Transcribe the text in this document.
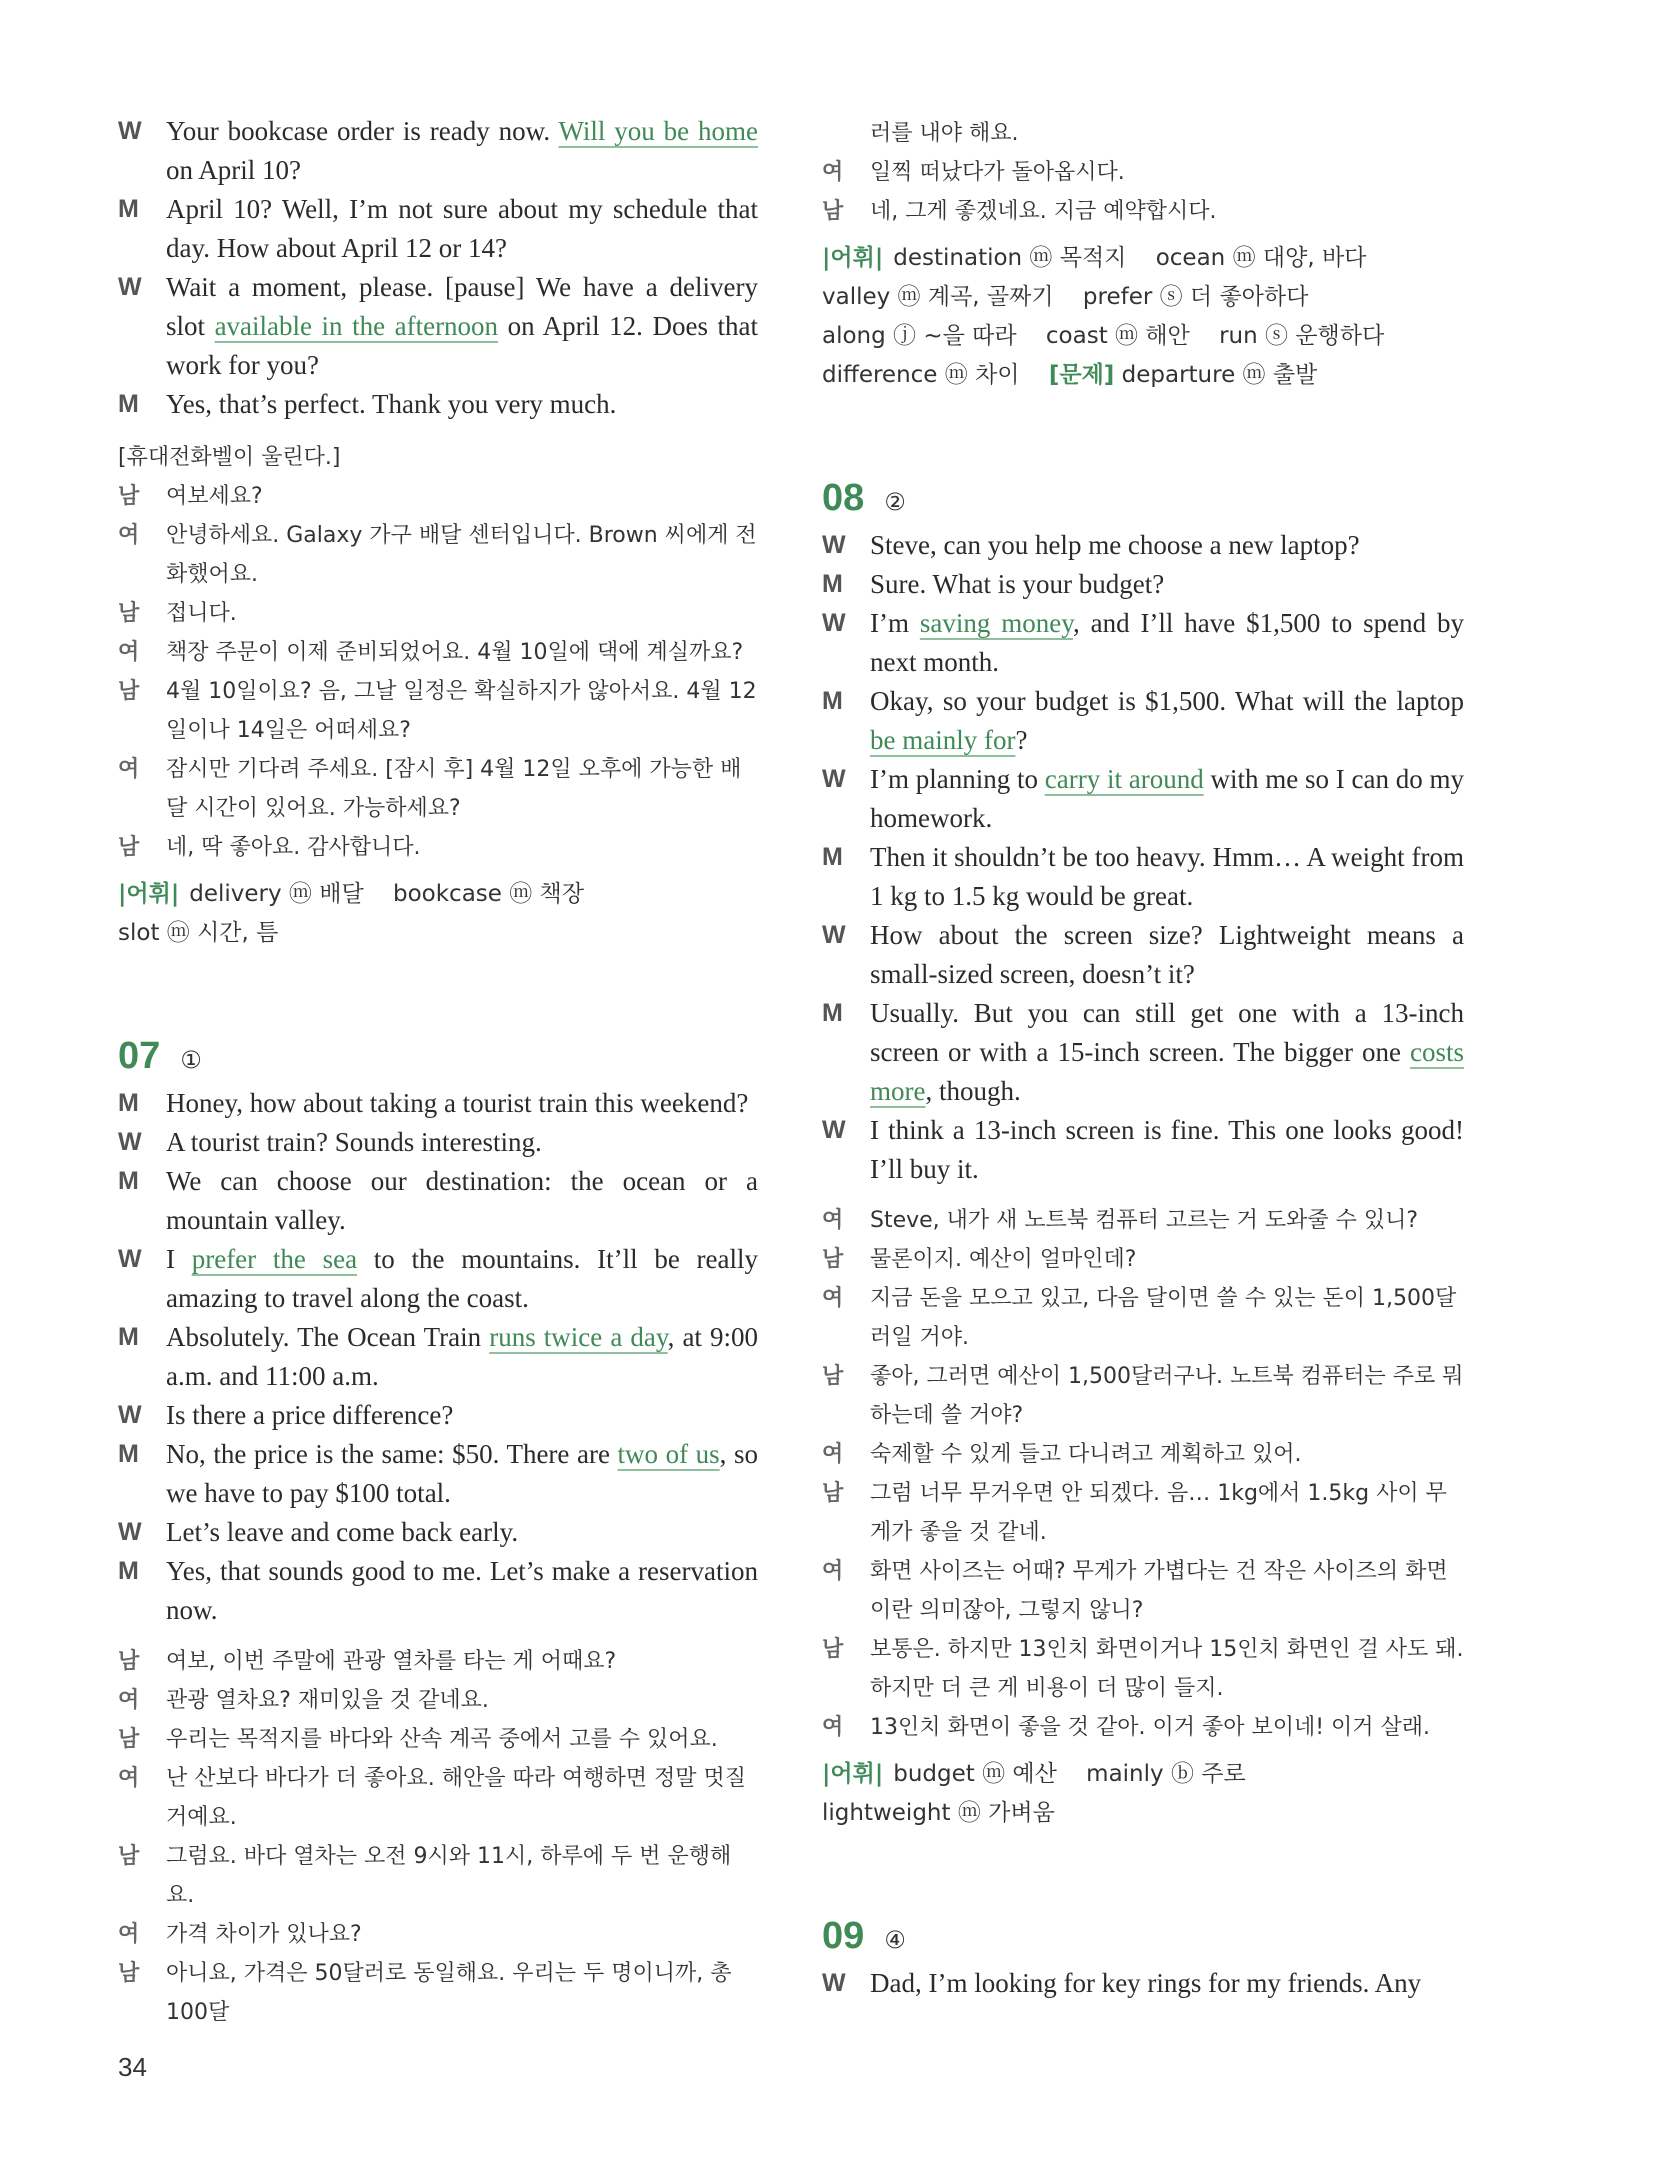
W Your bookcase order is ready now. Will you be home on April 10?
M	April 10? Well, I’m not sure about my schedule that day. How about April 12 or 14?
W Wait a moment, please. [pause] We have a delivery slot available in the afternoon on April 12. Does that work for you?
M	Yes, that’s perfect. Thank you very much.
[휴대전화벨이 울린다.]
남	여보세요?
여	안녕하세요. Galaxy 가구 배달 센터입니다. Brown 씨에게 전화했어요.
남	접니다.
여	책장 주문이 이제 준비되었어요. 4월 10일에 댁에 계실까요?
남	4월 10일이요? 음, 그날 일정은 확실하지가 않아서요. 4월 12일이나 14일은 어떠세요?
여	잠시만 기다려 주세요. [잠시 후] 4월 12일 오후에 가능한 배달 시간이 있어요. 가능하세요?
남	네, 딱 좋아요. 감사합니다.
|어휘| delivery ⓜ 배달 bookcase ⓜ 책장 slot ⓜ 시간, 틈
07 ①
M	Honey, how about taking a tourist train this weekend?
W A tourist train? Sounds interesting.
M	We can choose our destination: the ocean or a mountain valley.
W I prefer the sea to the mountains. It’ll be really amazing to travel along the coast.
M	Absolutely. The Ocean Train runs twice a day, at 9:00 a.m. and 11:00 a.m.
W Is there a price difference?
M	No, the price is the same: $50. There are two of us, so we have to pay $100 total.
W Let’s leave and come back early.
M	Yes, that sounds good to me. Let’s make a reservation now.
남	여보, 이번 주말에 관광 열차를 타는 게 어때요?
여	관광 열차요? 재미있을 것 같네요.
남	우리는 목적지를 바다와 산속 계곡 중에서 고를 수 있어요.
여	난 산보다 바다가 더 좋아요. 해안을 따라 여행하면 정말 멋질 거예요.
남	그럼요. 바다 열차는 오전 9시와 11시, 하루에 두 번 운행해요.
여	가격 차이가 있나요?
남	아니요, 가격은 50달러로 동일해요. 우리는 두 명이니까, 총 100달
러를 내야 해요.
여	일찍 떠났다가 돌아옵시다.
남	네, 그게 좋겠네요. 지금 예약합시다.
|어휘| destination ⓜ 목적지 ocean ⓜ 대양, 바다 valley ⓜ 계곡, 골짜기 prefer ⓢ 더 좋아하다 along ⓙ ~을 따라 coast ⓜ 해안 run ⓢ 운행하다 difference ⓜ 차이 [문제] departure ⓜ 출발
08 ②
W Steve, can you help me choose a new laptop?
M	Sure. What is your budget?
W I’m saving money, and I’ll have $1,500 to spend by next month.
M	Okay, so your budget is $1,500. What will the laptop be mainly for?
W I’m planning to carry it around with me so I can do my homework.
M	Then it shouldn’t be too heavy. Hmm… A weight from 1 kg to 1.5 kg would be great.
W How about the screen size? Lightweight means a small-sized screen, doesn’t it?
M	Usually. But you can still get one with a 13-inch screen or with a 15-inch screen. The bigger one costs more, though.
W I think a 13-inch screen is fine. This one looks good! I’ll buy it.
여	Steve, 내가 새 노트북 컴퓨터 고르는 거 도와줄 수 있니?
남	물론이지. 예산이 얼마인데?
여	지금 돈을 모으고 있고, 다음 달이면 쓸 수 있는 돈이 1,500달러일 거야.
남	좋아, 그러면 예산이 1,500달러구나. 노트북 컴퓨터는 주로 뭐 하는데 쓸 거야?
여	숙제할 수 있게 들고 다니려고 계획하고 있어.
남	그럼 너무 무거우면 안 되겠다. 음… 1kg에서 1.5kg 사이 무게가 좋을 것 같네.
여	화면 사이즈는 어때? 무게가 가볍다는 건 작은 사이즈의 화면이란 의미잖아, 그렇지 않니?
남	보통은. 하지만 13인치 화면이거나 15인치 화면인 걸 사도 돼. 하지만 더 큰 게 비용이 더 많이 들지.
여	13인치 화면이 좋을 것 같아. 이거 좋아 보이네! 이거 살래.
|어휘| budget ⓜ 예산 mainly ⓑ 주로 lightweight ⓜ 가벼움
09 ④
W Dad, I’m looking for key rings for my friends. Any
34
